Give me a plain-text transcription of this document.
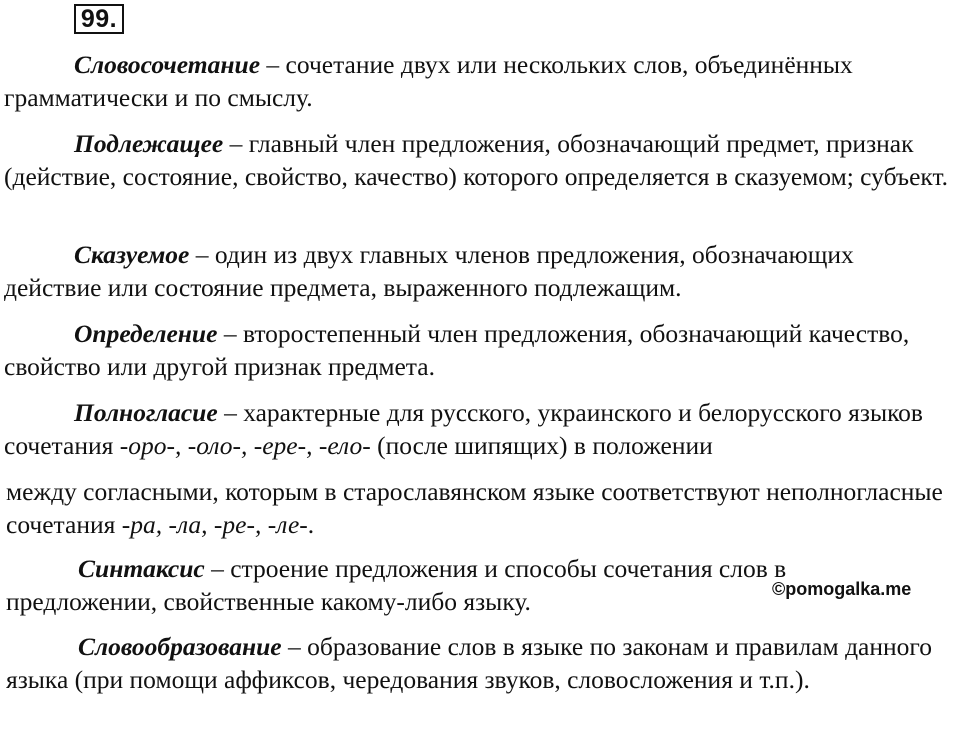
99.

Словосочетание – сочетание двух или нескольких слов, объединённых грамматически и по смыслу.

Подлежащее – главный член предложения, обозначающий предмет, признак (действие, состояние, свойство, качество) которого определяется в сказуемом; субъект.

Сказуемое – один из двух главных членов предложения, обозначающих действие или состояние предмета, выраженного подлежащим.

Определение – второстепенный член предложения, обозначающий качество, свойство или другой признак предмета.

Полногласие – характерные для русского, украинского и белорусского языков сочетания -оро-, -оло-, -ере-, -ело- (после шипящих) в положении

между согласными, которым в старославянском языке соответствуют неполногласные сочетания -ра, -ла, -ре-, -ле-.

Синтаксис – строение предложения и способы сочетания слов в предложении, свойственные какому-либо языку.	©pomogalka.me

Словообразование – образование слов в языке по законам и правилам данного языка (при помощи аффиксов, чередования звуков, словосложения и т.п.).
